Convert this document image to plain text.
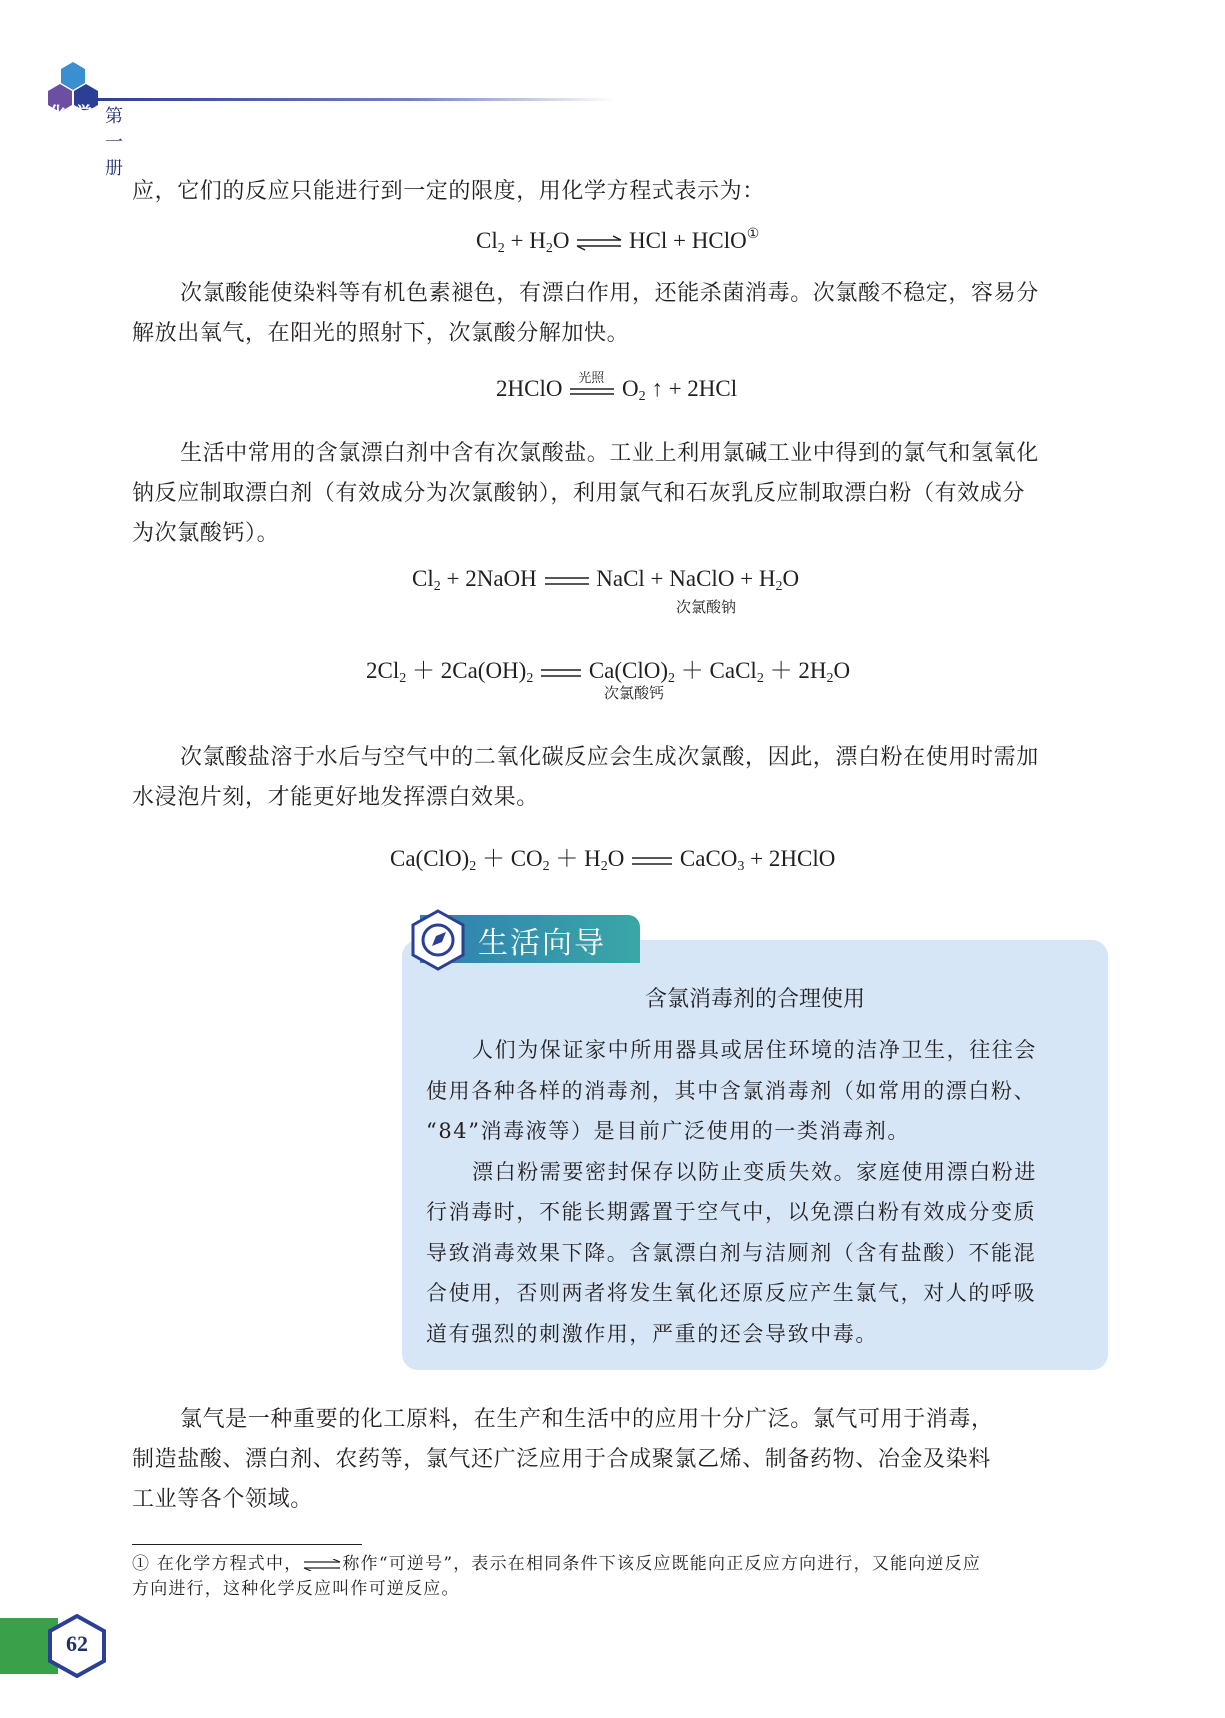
化 学 第一册

应，它们的反应只能进行到一定的限度，用化学方程式表示为：

$Cl_2 + H_2O$ ⇌ HCl + HClO①

次氯酸能使染料等有机色素褪色，有漂白作用，还能杀菌消毒。次氯酸不稳定，容易分
解放出氧气，在阳光的照射下，次氯酸分解加快。

2HClO 光照 $O_2$ ↑ + 2HCl

生活中常用的含氯漂白剂中含有次氯酸盐。工业上利用氯碱工业中得到的氯气和氢氧化
钠反应制取漂白剂（有效成分为次氯酸钠），利用氯气和石灰乳反应制取漂白粉（有效成分
为次氯酸钙）。

$Cl_2$ + 2NaOH  NaCl + NaClO + $H_2O$
次氯酸钠
$2Cl_2 + 2Ca(OH)_2$  $Ca(ClO)_2$ ＋ CaCl$_2$ ＋ $2H_2O$
次氯酸钙

次氯酸盐溶于水后与空气中的二氧化碳反应会生成次氯酸，因此，漂白粉在使用时需加
水浸泡片刻，才能更好地发挥漂白效果。

$Ca(ClO)_2 + CO_2 + H_2O$  CaCO$_3$ + 2HClO
生活向导
含氯消毒剂的合理使用

人们为保证家中所用器具或居住环境的洁净卫生，往往会
使用各种各样的消毒剂，其中含氯消毒剂（如常用的漂白粉、
“84”消毒液等）是目前广泛使用的一类消毒剂。
漂白粉需要密封保存以防止变质失效。家庭使用漂白粉进
行消毒时，不能长期露置于空气中，以免漂白粉有效成分变质
导致消毒效果下降。含氯漂白剂与洁厕剂（含有盐酸）不能混
合使用，否则两者将发生氧化还原反应产生氯气，对人的呼吸
道有强烈的刺激作用，严重的还会导致中毒。

氯气是一种重要的化工原料，在生产和生活中的应用十分广泛。氯气可用于消毒，
制造盐酸、漂白剂、农药等，氯气还广泛应用于合成聚氯乙烯、制备药物、冶金及染料
工业等各个领域。

① 在化学方程式中，⇌称作“可逆号”，表示在相同条件下该反应既能向正反应方向进行，又能向逆反应
方向进行，这种化学反应叫作可逆反应。

62
